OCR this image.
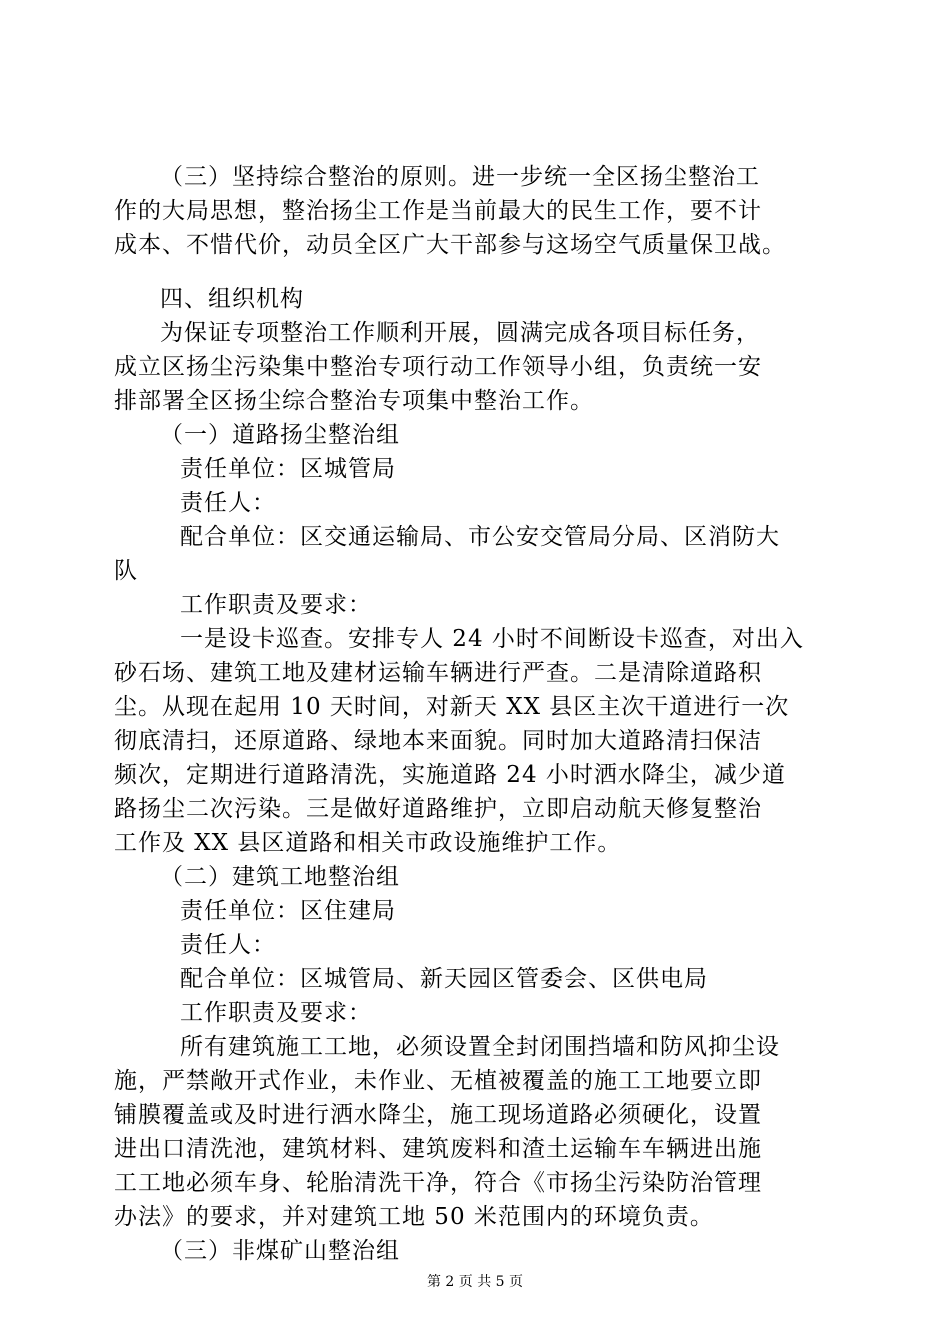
（三）坚持综合整治的原则。进一步统一全区扬尘整治工

作的大局思想，整治扬尘工作是当前最大的民生工作，要不计

成本、不惜代价，动员全区广大干部参与这场空气质量保卫战。

四、组织机构

为保证专项整治工作顺利开展，圆满完成各项目标任务，

成立区扬尘污染集中整治专项行动工作领导小组，负责统一安

排部署全区扬尘综合整治专项集中整治工作。

（一）道路扬尘整治组

责任单位：区城管局

责任人：

配合单位：区交通运输局、市公安交管局分局、区消防大

队

工作职责及要求：

一是设卡巡查。安排专人 24 小时不间断设卡巡查，对出入

砂石场、建筑工地及建材运输车辆进行严查。二是清除道路积

尘。从现在起用 10 天时间，对新天 XX 县区主次干道进行一次

彻底清扫，还原道路、绿地本来面貌。同时加大道路清扫保洁

频次，定期进行道路清洗，实施道路 24 小时洒水降尘，减少道

路扬尘二次污染。三是做好道路维护，立即启动航天修复整治

工作及 XX 县区道路和相关市政设施维护工作。

（二）建筑工地整治组

责任单位：区住建局

责任人：

配合单位：区城管局、新天园区管委会、区供电局

工作职责及要求：

所有建筑施工工地，必须设置全封闭围挡墙和防风抑尘设

施，严禁敞开式作业，未作业、无植被覆盖的施工工地要立即

铺膜覆盖或及时进行洒水降尘，施工现场道路必须硬化，设置

进出口清洗池，建筑材料、建筑废料和渣土运输车车辆进出施

工工地必须车身、轮胎清洗干净，符合《市扬尘污染防治管理

办法》的要求，并对建筑工地 50 米范围内的环境负责。

（三）非煤矿山整治组

第 2 页 共 5 页
